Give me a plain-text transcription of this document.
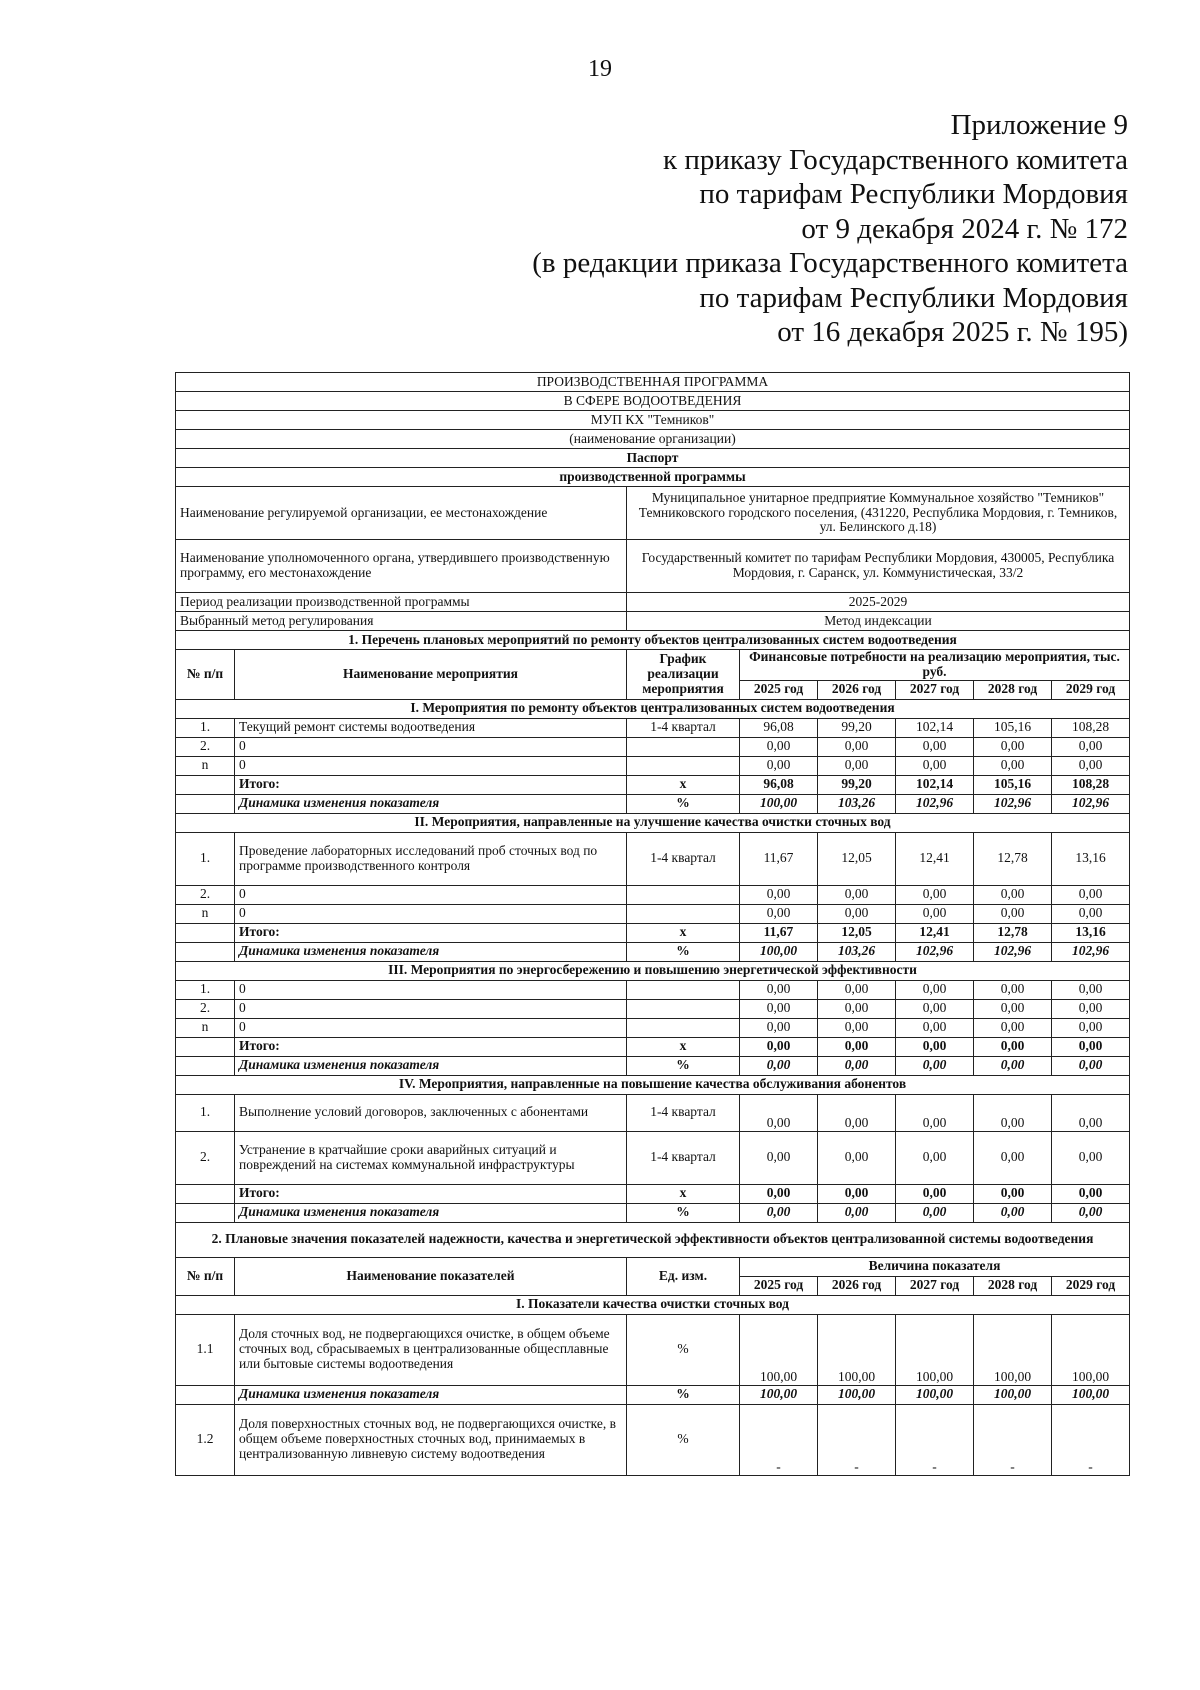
19
Приложение 9
к приказу Государственного комитета
по тарифам Республики Мордовия
от 9 декабря 2024 г. № 172
(в редакции приказа Государственного комитета
по тарифам Республики Мордовия
от 16 декабря 2025 г. № 195)
ПРОИЗВОДСТВЕННАЯ ПРОГРАММА							
В СФЕРЕ ВОДООТВЕДЕНИЯ							
МУП КХ "Темников"							
(наименование организации)							
Паспорт							
производственной программы							
Наименование регулируемой организации, ее местонахождение		Муниципальное унитарное предприятие Коммунальное хозяйство "Темников" Темниковского городского поселения, (431220, Республика Мордовия, г. Темников, ул. Белинского д.18)					
Наименование уполномоченного органа, утвердившего производственную программу, его местонахождение		Государственный комитет по тарифам Республики Мордовия, 430005, Республика Мордовия, г. Саранск, ул. Коммунистическая, 33/2					
Период реализации производственной программы		2025-2029					
Выбранный метод регулирования		Метод индексации					
1. Перечень плановых мероприятий по ремонту объектов централизованных систем водоотведения							
№ п/п	Наименование мероприятия	График реализации мероприятия	Финансовые потребности на реализацию мероприятия, тыс. руб.				
			2025 год	2026 год	2027 год	2028 год	2029 год
I. Мероприятия по ремонту объектов централизованных систем водоотведения							
1.	Текущий ремонт системы водоотведения	1-4 квартал	96,08	99,20	102,14	105,16	108,28
2.	0		0,00	0,00	0,00	0,00	0,00
n	0		0,00	0,00	0,00	0,00	0,00
	Итого:	х	96,08	99,20	102,14	105,16	108,28
	Динамика изменения показателя	%	100,00	103,26	102,96	102,96	102,96
II. Мероприятия, направленные на улучшение качества очистки сточных вод							
1.	Проведение лабораторных исследований проб сточных вод по программе производственного контроля	1-4 квартал	11,67	12,05	12,41	12,78	13,16
2.	0		0,00	0,00	0,00	0,00	0,00
n	0		0,00	0,00	0,00	0,00	0,00
	Итого:	х	11,67	12,05	12,41	12,78	13,16
	Динамика изменения показателя	%	100,00	103,26	102,96	102,96	102,96
III. Мероприятия по энергосбережению и повышению энергетической эффективности							
1.	0		0,00	0,00	0,00	0,00	0,00
2.	0		0,00	0,00	0,00	0,00	0,00
n	0		0,00	0,00	0,00	0,00	0,00
	Итого:	х	0,00	0,00	0,00	0,00	0,00
	Динамика изменения показателя	%	0,00	0,00	0,00	0,00	0,00
IV. Мероприятия, направленные на повышение качества обслуживания абонентов							
1.	Выполнение условий договоров, заключенных с абонентами	1-4 квартал	0,00	0,00	0,00	0,00	0,00
2.	Устранение в кратчайшие сроки аварийных ситуаций и повреждений на системах коммунальной инфраструктуры	1-4 квартал	0,00	0,00	0,00	0,00	0,00
	Итого:	х	0,00	0,00	0,00	0,00	0,00
	Динамика изменения показателя	%	0,00	0,00	0,00	0,00	0,00
2. Плановые значения показателей надежности, качества и энергетической эффективности объектов централизованной системы водоотведения							
№ п/п	Наименование показателей	Ед. изм.	Величина показателя				
			2025 год	2026 год	2027 год	2028 год	2029 год
I. Показатели качества очистки сточных вод							
1.1	Доля сточных вод, не подвергающихся очистке, в общем объеме сточных вод, сбрасываемых в централизованные общесплавные или бытовые системы водоотведения	%	100,00	100,00	100,00	100,00	100,00
	Динамика изменения показателя	%	100,00	100,00	100,00	100,00	100,00
1.2	Доля поверхностных сточных вод, не подвергающихся очистке, в общем объеме поверхностных сточных вод, принимаемых в централизованную ливневую систему водоотведения	%	-	-	-	-	-
